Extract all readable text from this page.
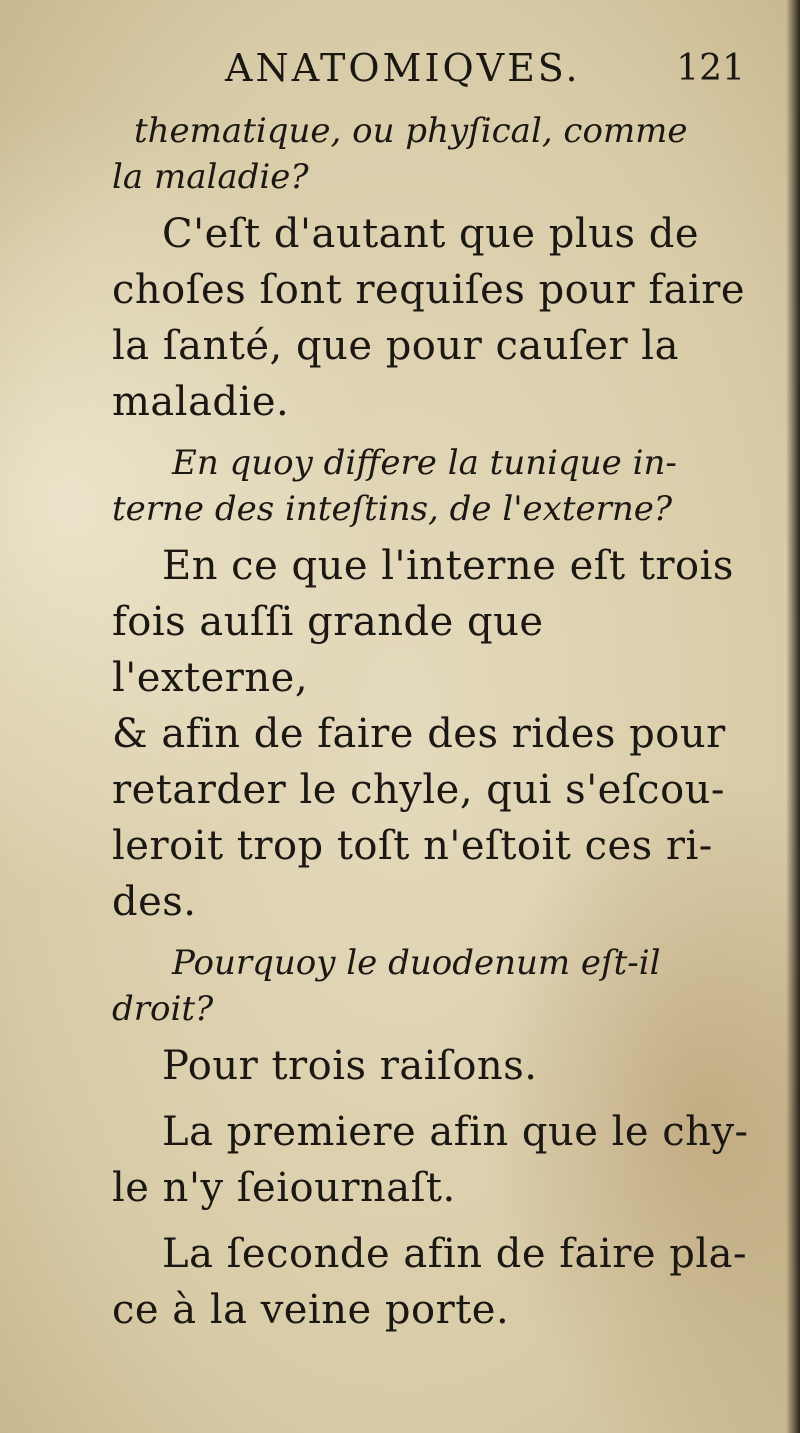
ANATOMIQVES.	121

thematique, ou phyſical, comme
la maladie?

C'eſt d'autant que plus de
choſes ſont requiſes pour faire
la ſanté, que pour cauſer la
maladie.

En quoy differe la tunique in-
terne des inteſtins, de l'externe?

En ce que l'interne eſt trois
fois auſſi grande que l'externe,
& afin de faire des rides pour
retarder le chyle, qui s'eſcou-
leroit trop toſt n'eſtoit ces ri-
des.

Pourquoy le duodenum eſt-il
droit?

Pour trois raiſons.

La premiere afin que le chy-
le n'y ſeiournaſt.

La ſeconde afin de faire pla-
ce à la veine porte.
